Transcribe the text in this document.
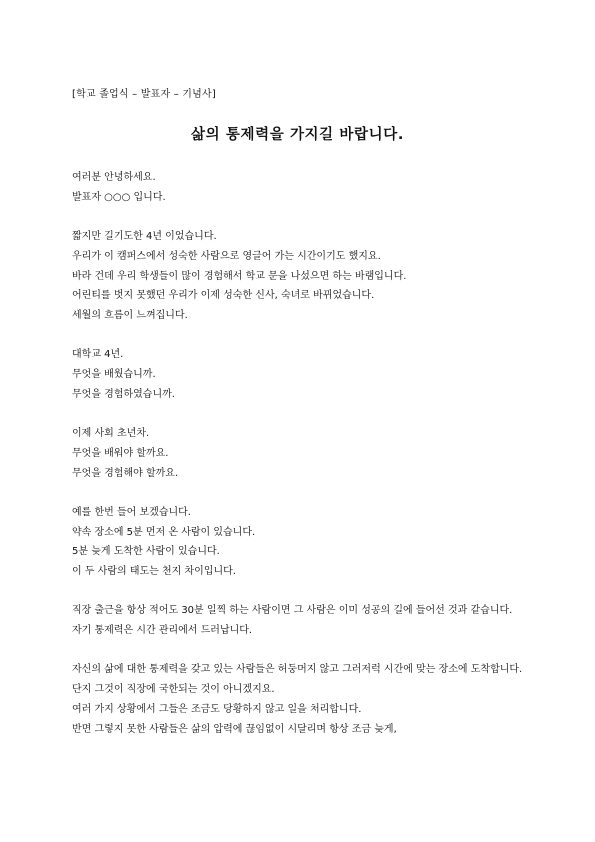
[학교 졸업식 – 발표자 – 기념사]
삶의 통제력을 가지길 바랍니다.
여러분 안녕하세요.
발표자 ○○○ 입니다.
짧지만 길기도한 4년 이었습니다.
우리가 이 캠퍼스에서 성숙한 사람으로 영글어 가는 시간이기도 했지요.
바라 건데 우리 학생들이 많이 경험해서 학교 문을 나섰으면 하는 바램입니다.
어린티를 벗지 못했던 우리가 이제 성숙한 신사, 숙녀로 바뀌었습니다.
세월의 흐름이 느껴집니다.
대학교 4년.
무엇을 배웠습니까.
무엇을 경험하였습니까.
이제 사회 초년차.
무엇을 배워야 할까요.
무엇을 경험해야 할까요.
예를 한번 들어 보겠습니다.
약속 장소에 5분 먼저 온 사람이 있습니다.
5분 늦게 도착한 사람이 있습니다.
이 두 사람의 태도는 천지 차이입니다.
직장 출근을 항상 적어도 30분 일찍 하는 사람이면 그 사람은 이미 성공의 길에 들어선 것과 같습니다.
자기 통제력은 시간 관리에서 드러납니다.
자신의 삶에 대한 통제력을 갖고 있는 사람들은 허둥머지 않고 그러저럭 시간에 맞는 장소에 도착합니다.
단지 그것이 직장에 국한되는 것이 아니겠지요.
여러 가지 상황에서 그들은 조금도 당황하지 않고 일을 처리합니다.
반면 그렇지 못한 사람들은 삶의 압력에 끊임없이 시달리며 항상 조금 늦게,
